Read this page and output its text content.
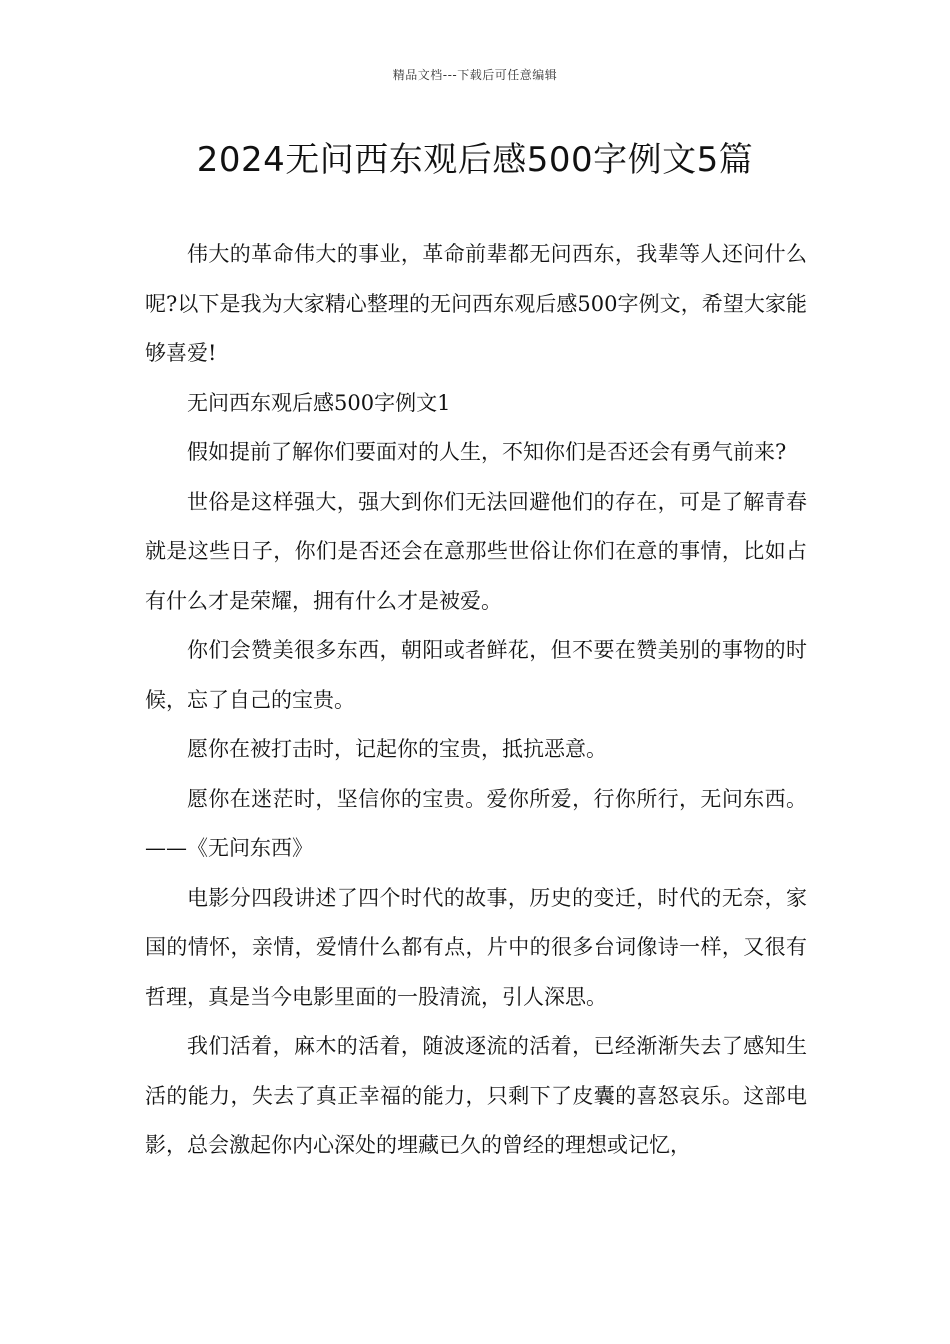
精品文档---下载后可任意编辑
2024无问西东观后感500字例文5篇

伟大的革命伟大的事业，革命前辈都无问西东，我辈等人还问什么呢?以下是我为大家精心整理的无问西东观后感500字例文，希望大家能够喜爱!

无问西东观后感500字例文1

假如提前了解你们要面对的人生，不知你们是否还会有勇气前来?

世俗是这样强大，强大到你们无法回避他们的存在，可是了解青春就是这些日子，你们是否还会在意那些世俗让你们在意的事情，比如占有什么才是荣耀，拥有什么才是被爱。

你们会赞美很多东西，朝阳或者鲜花，但不要在赞美别的事物的时候，忘了自己的宝贵。

愿你在被打击时，记起你的宝贵，抵抗恶意。

愿你在迷茫时，坚信你的宝贵。爱你所爱，行你所行，无问东西。——《无问东西》

电影分四段讲述了四个时代的故事，历史的变迁，时代的无奈，家国的情怀，亲情，爱情什么都有点，片中的很多台词像诗一样，又很有哲理，真是当今电影里面的一股清流，引人深思。

我们活着，麻木的活着，随波逐流的活着，已经渐渐失去了感知生活的能力，失去了真正幸福的能力，只剩下了皮囊的喜怒哀乐。这部电影，总会激起你内心深处的埋藏已久的曾经的理想或记忆，
